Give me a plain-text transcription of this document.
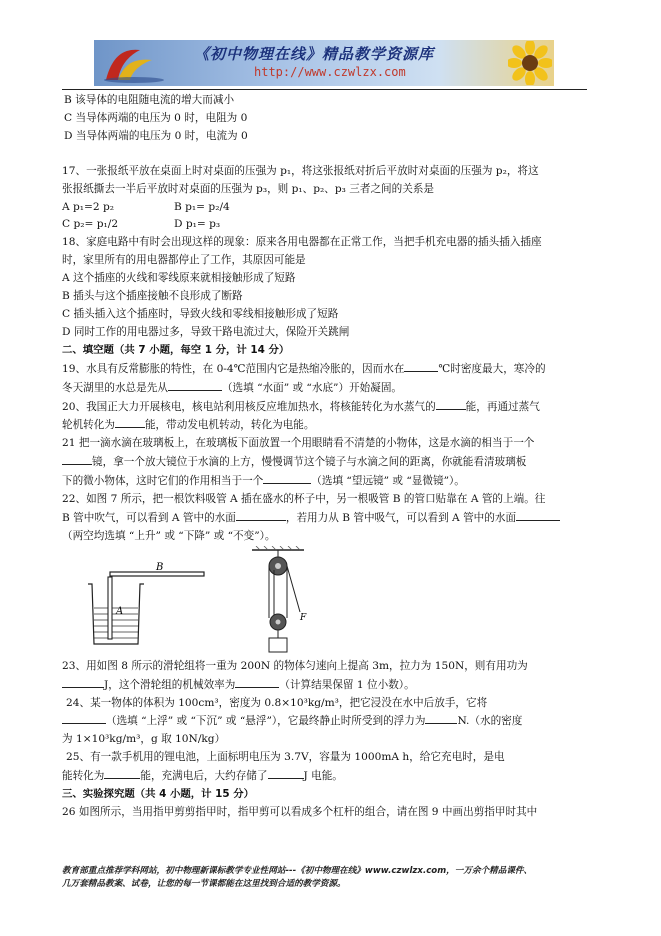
《初中物理在线》精品教学资源库
http://www.czwlzx.com

B 该导体的电阻随电流的增大而减小

C 当导体两端的电压为 0 时，电阻为 0

D 当导体两端的电压为 0 时，电流为 0

17、一张报纸平放在桌面上时对桌面的压强为 p₁，将这张报纸对折后平放时对桌面的压强为 p₂，将这

张报纸撕去一半后平放时对桌面的压强为 p₃，则 p₁、p₂、p₃ 三者之间的关系是

A p₁=2 p₂	B p₁= p₂/4

C p₂= p₁/2	D p₁= p₃

18、家庭电路中有时会出现这样的现象：原来各用电器都在正常工作，当把手机充电器的插头插入插座

时，家里所有的用电器都停止了工作，其原因可能是

A 这个插座的火线和零线原来就相接触形成了短路

B 插头与这个插座接触不良形成了断路

C 插头插入这个插座时，导致火线和零线相接触形成了短路

D 同时工作的用电器过多，导致干路电流过大，保险开关跳闸

二、填空题（共 7 小题，每空 1 分，计 14 分）

19、水具有反常膨胀的特性，在 0-4℃范围内它是热缩冷胀的，因而水在	℃时密度最大，寒冷的

冬天湖里的水总是先从	（选填 “水面” 或 “水底”）开始凝固。

20、我国正大力开展核电，核电站利用核反应堆加热水，将核能转化为水蒸气的	能，再通过蒸气

轮机转化为	能，带动发电机转动，转化为电能。

21 把一滴水滴在玻璃板上，在玻璃板下面放置一个用眼睛看不清楚的小物体，这是水滴的相当于一个

镜，拿一个放大镜位于水滴的上方，慢慢调节这个镜子与水滴之间的距离，你就能看清玻璃板

下的微小物体，这时它们的作用相当于一个	（选填 “望远镜” 或 “显微镜”）。

22、如图 7 所示，把一根饮料吸管 A 插在盛水的杯子中，另一根吸管 B 的管口贴靠在 A 管的上端。往

B 管中吹气，可以看到 A 管中的水面	，若用力从 B 管中吸气，可以看到 A 管中的水面

（两空均选填 “上升” 或 “下降” 或 “不变”）。

B
A
F

23、用如图 8 所示的滑轮组将一重为 200N 的物体匀速向上提高 3m，拉力为 150N，则有用功为

J，这个滑轮组的机械效率为	（计算结果保留 1 位小数）。

24、某一物体的体积为 100cm³，密度为 0.8×10³kg/m³，把它浸没在水中后放手，它将

（选填 “上浮” 或 “下沉” 或 “悬浮”），它最终静止时所受到的浮力为	N.（水的密度

为 1×10³kg/m³，g 取 10N/kg）

25、有一款手机用的锂电池，上面标明电压为 3.7V，容量为 1000mA h，给它充电时，是电

能转化为	能，充满电后，大约存储了	J 电能。

三、实验探究题（共 4 小题，计 15 分）

26 如图所示，当用指甲剪剪指甲时，指甲剪可以看成多个杠杆的组合，请在图 9 中画出剪指甲时其中

教育部重点推荐学科网站，初中物理新课标教学专业性网站---《初中物理在线》www.czwlzx.com，一万余个精品课件、
几万套精品教案、试卷，让您的每一节课都能在这里找到合适的教学资源。
